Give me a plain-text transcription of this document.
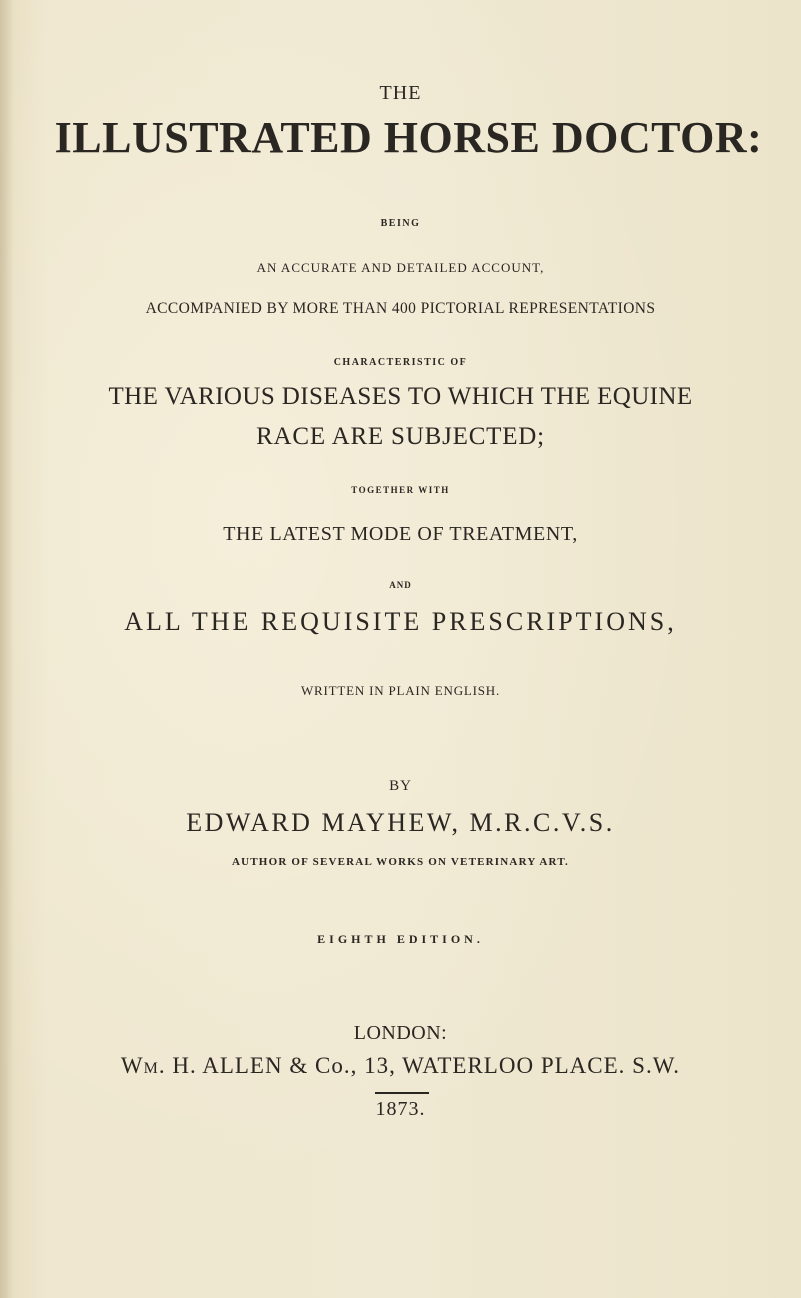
THE

ILLUSTRATED HORSE DOCTOR:

BEING

AN ACCURATE AND DETAILED ACCOUNT,

ACCOMPANIED BY MORE THAN 400 PICTORIAL REPRESENTATIONS

CHARACTERISTIC OF

THE VARIOUS DISEASES TO WHICH THE EQUINE

RACE ARE SUBJECTED;

TOGETHER WITH

THE LATEST MODE OF TREATMENT,

AND

ALL THE REQUISITE PRESCRIPTIONS,

WRITTEN IN PLAIN ENGLISH.

BY

EDWARD MAYHEW, M.R.C.V.S.

AUTHOR OF SEVERAL WORKS ON VETERINARY ART.

EIGHTH EDITION.

LONDON:

WM. H. ALLEN & Co., 13, WATERLOO PLACE. S.W.

1873.
